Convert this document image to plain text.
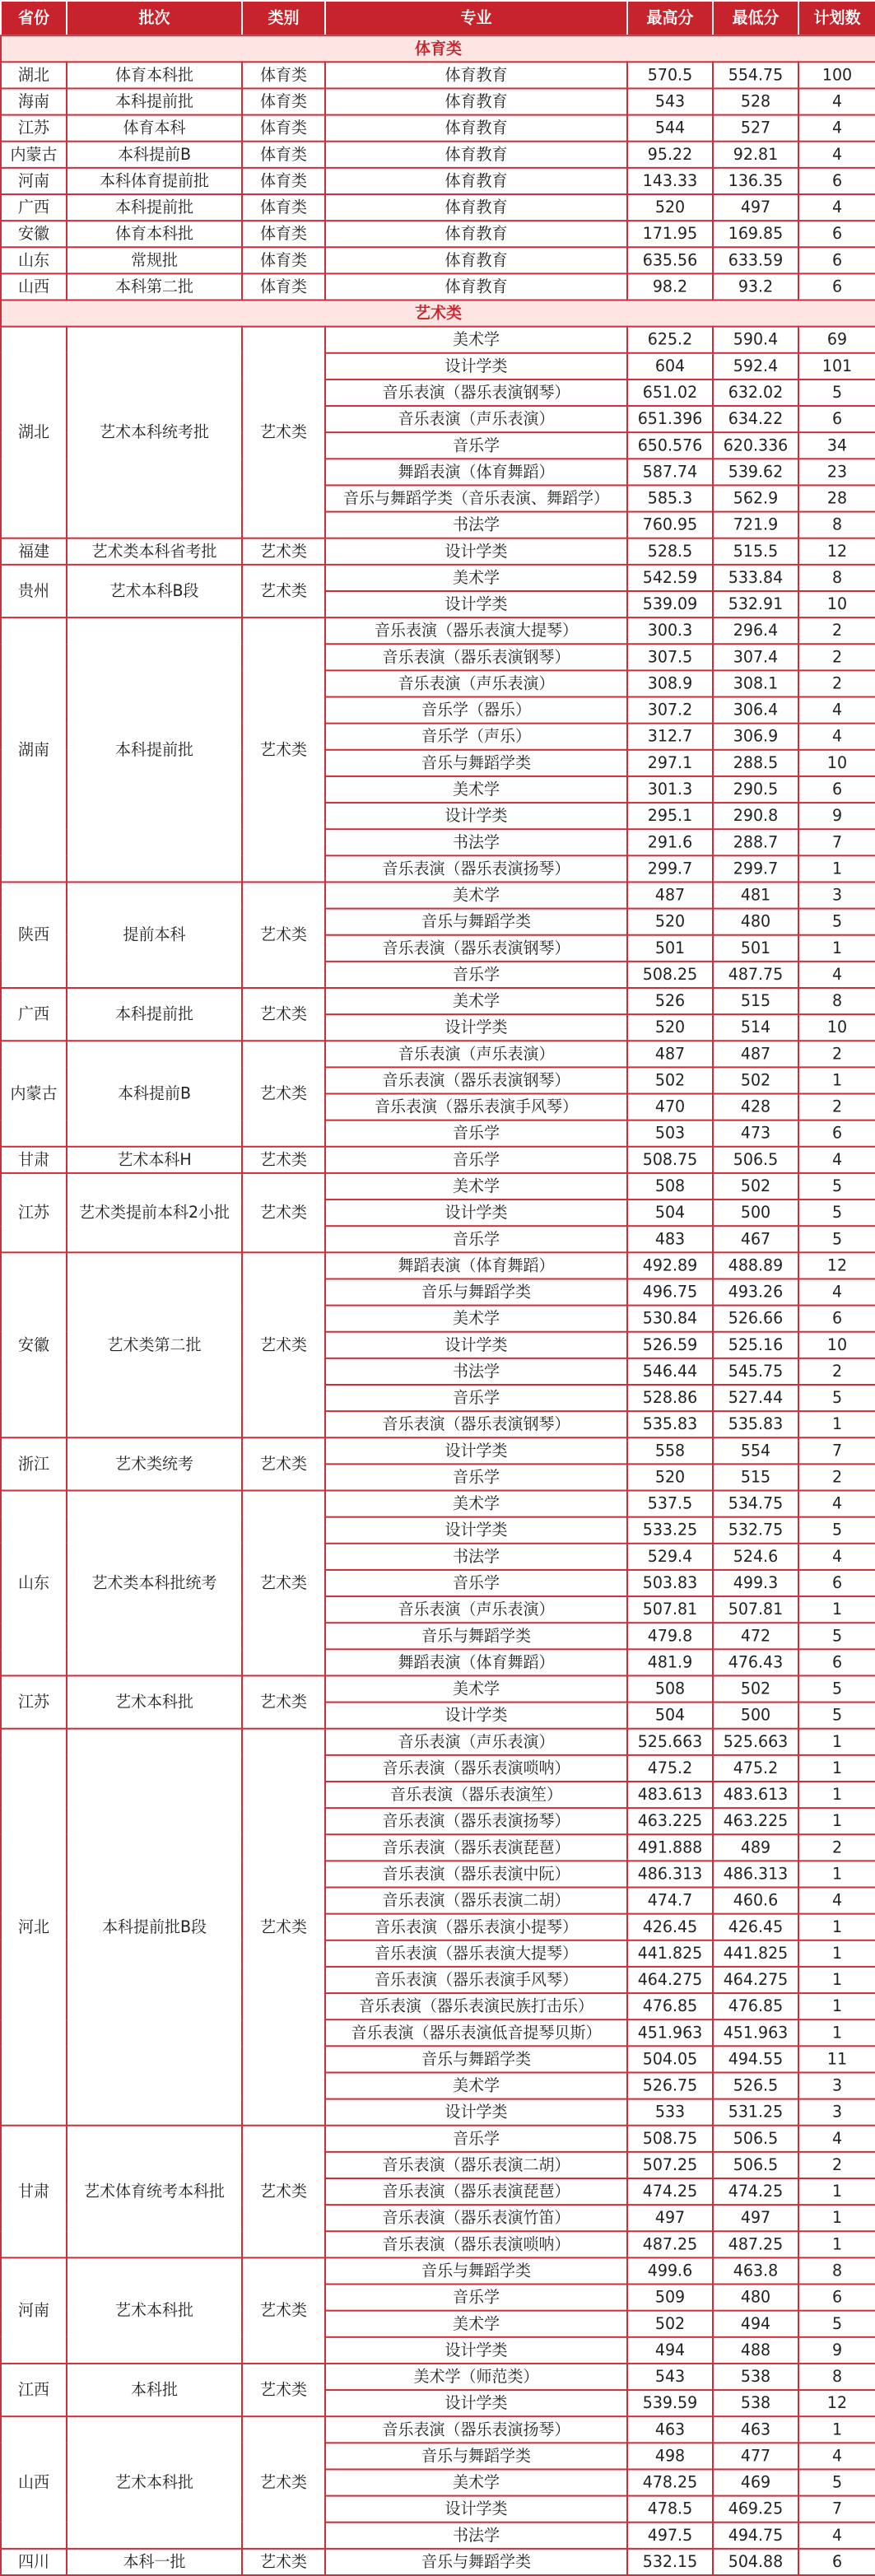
省份	批次	类别	专业	最高分	最低分	计划数
体育类						
湖北	体育本科批	体育类	体育教育	570.5	554.75	100
海南	本科提前批	体育类	体育教育	543	528	4
江苏	体育本科	体育类	体育教育	544	527	4
内蒙古	本科提前B	体育类	体育教育	95.22	92.81	4
河南	本科体育提前批	体育类	体育教育	143.33	136.35	6
广西	本科提前批	体育类	体育教育	520	497	4
安徽	体育本科批	体育类	体育教育	171.95	169.85	6
山东	常规批	体育类	体育教育	635.56	633.59	6
山西	本科第二批	体育类	体育教育	98.2	93.2	6
艺术类						
湖北	艺术本科统考批	艺术类	美术学	625.2	590.4	69
			设计学类	604	592.4	101
			音乐表演（器乐表演钢琴）	651.02	632.02	5
			音乐表演（声乐表演）	651.396	634.22	6
			音乐学	650.576	620.336	34
			舞蹈表演（体育舞蹈）	587.74	539.62	23
			音乐与舞蹈学类（音乐表演、舞蹈学）	585.3	562.9	28
			书法学	760.95	721.9	8
福建	艺术类本科省考批	艺术类	设计学类	528.5	515.5	12
贵州	艺术本科B段	艺术类	美术学	542.59	533.84	8
			设计学类	539.09	532.91	10
湖南	本科提前批	艺术类	音乐表演（器乐表演大提琴）	300.3	296.4	2
			音乐表演（器乐表演钢琴）	307.5	307.4	2
			音乐表演（声乐表演）	308.9	308.1	2
			音乐学（器乐）	307.2	306.4	4
			音乐学（声乐）	312.7	306.9	4
			音乐与舞蹈学类	297.1	288.5	10
			美术学	301.3	290.5	6
			设计学类	295.1	290.8	9
			书法学	291.6	288.7	7
			音乐表演（器乐表演扬琴）	299.7	299.7	1
陕西	提前本科	艺术类	美术学	487	481	3
			音乐与舞蹈学类	520	480	5
			音乐表演（器乐表演钢琴）	501	501	1
			音乐学	508.25	487.75	4
广西	本科提前批	艺术类	美术学	526	515	8
			设计学类	520	514	10
内蒙古	本科提前B	艺术类	音乐表演（声乐表演）	487	487	2
			音乐表演（器乐表演钢琴）	502	502	1
			音乐表演（器乐表演手风琴）	470	428	2
			音乐学	503	473	6
甘肃	艺术本科H	艺术类	音乐学	508.75	506.5	4
江苏	艺术类提前本科2小批	艺术类	美术学	508	502	5
			设计学类	504	500	5
			音乐学	483	467	5
安徽	艺术类第二批	艺术类	舞蹈表演（体育舞蹈）	492.89	488.89	12
			音乐与舞蹈学类	496.75	493.26	4
			美术学	530.84	526.66	6
			设计学类	526.59	525.16	10
			书法学	546.44	545.75	2
			音乐学	528.86	527.44	5
			音乐表演（器乐表演钢琴）	535.83	535.83	1
浙江	艺术类统考	艺术类	设计学类	558	554	7
			音乐学	520	515	2
山东	艺术类本科批统考	艺术类	美术学	537.5	534.75	4
			设计学类	533.25	532.75	5
			书法学	529.4	524.6	4
			音乐学	503.83	499.3	6
			音乐表演（声乐表演）	507.81	507.81	1
			音乐与舞蹈学类	479.8	472	5
			舞蹈表演（体育舞蹈）	481.9	476.43	6
江苏	艺术本科批	艺术类	美术学	508	502	5
			设计学类	504	500	5
河北	本科提前批B段	艺术类	音乐表演（声乐表演）	525.663	525.663	1
			音乐表演（器乐表演唢呐）	475.2	475.2	1
			音乐表演（器乐表演笙）	483.613	483.613	1
			音乐表演（器乐表演扬琴）	463.225	463.225	1
			音乐表演（器乐表演琵琶）	491.888	489	2
			音乐表演（器乐表演中阮）	486.313	486.313	1
			音乐表演（器乐表演二胡）	474.7	460.6	4
			音乐表演（器乐表演小提琴）	426.45	426.45	1
			音乐表演（器乐表演大提琴）	441.825	441.825	1
			音乐表演（器乐表演手风琴）	464.275	464.275	1
			音乐表演（器乐表演民族打击乐）	476.85	476.85	1
			音乐表演（器乐表演低音提琴贝斯）	451.963	451.963	1
			音乐与舞蹈学类	504.05	494.55	11
			美术学	526.75	526.5	3
			设计学类	533	531.25	3
甘肃	艺术体育统考本科批	艺术类	音乐学	508.75	506.5	4
			音乐表演（器乐表演二胡）	507.25	506.5	2
			音乐表演（器乐表演琵琶）	474.25	474.25	1
			音乐表演（器乐表演竹笛）	497	497	1
			音乐表演（器乐表演唢呐）	487.25	487.25	1
河南	艺术本科批	艺术类	音乐与舞蹈学类	499.6	463.8	8
			音乐学	509	480	6
			美术学	502	494	5
			设计学类	494	488	9
江西	本科批	艺术类	美术学（师范类）	543	538	8
			设计学类	539.59	538	12
山西	艺术本科批	艺术类	音乐表演（器乐表演扬琴）	463	463	1
			音乐与舞蹈学类	498	477	4
			美术学	478.25	469	5
			设计学类	478.5	469.25	7
			书法学	497.5	494.75	4
四川	本科一批	艺术类	音乐与舞蹈学类	532.15	504.88	6
